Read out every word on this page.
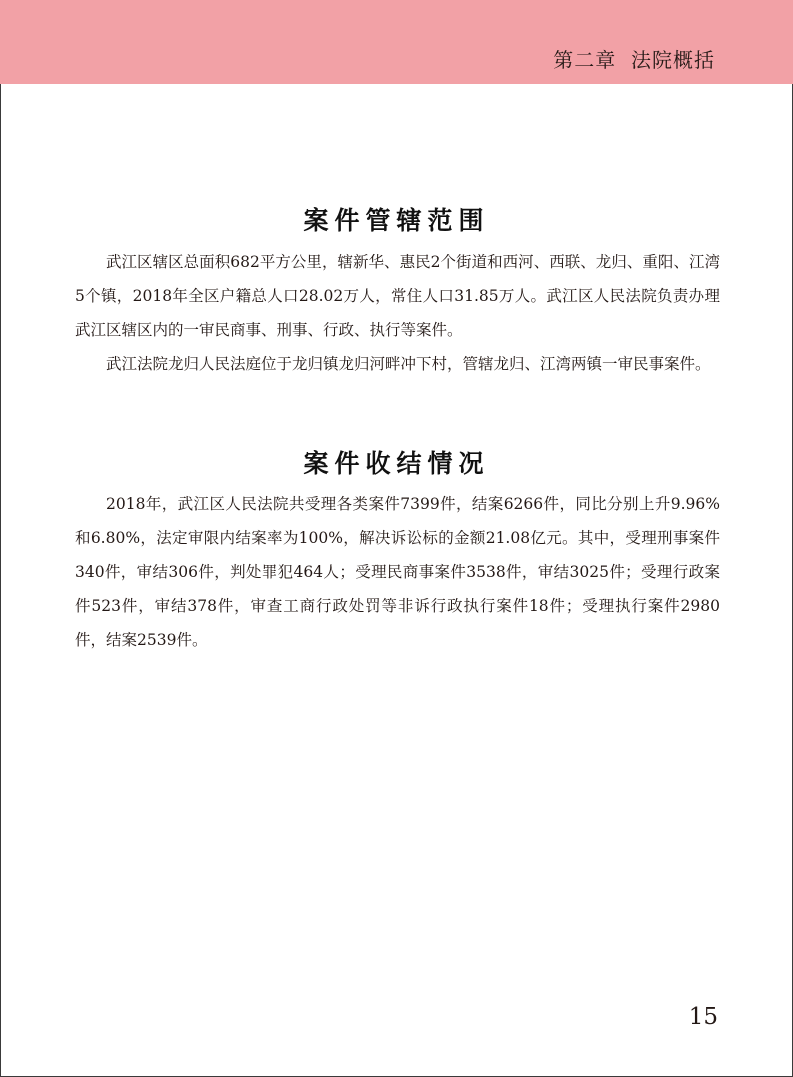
第二章  法院概括
案件管辖范围

武江区辖区总面积682平方公里，辖新华、惠民2个街道和西河、西联、龙归、重阳、江湾5个镇，2018年全区户籍总人口28.02万人，常住人口31.85万人。武江区人民法院负责办理武江区辖区内的一审民商事、刑事、行政、执行等案件。

武江法院龙归人民法庭位于龙归镇龙归河畔冲下村，管辖龙归、江湾两镇一审民事案件。

案件收结情况

2018年，武江区人民法院共受理各类案件7399件，结案6266件，同比分别上升9.96%和6.80%，法定审限内结案率为100%，解决诉讼标的金额21.08亿元。其中，受理刑事案件340件，审结306件，判处罪犯464人；受理民商事案件3538件，审结3025件；受理行政案件523件，审结378件，审查工商行政处罚等非诉行政执行案件18件；受理执行案件2980件，结案2539件。

15
